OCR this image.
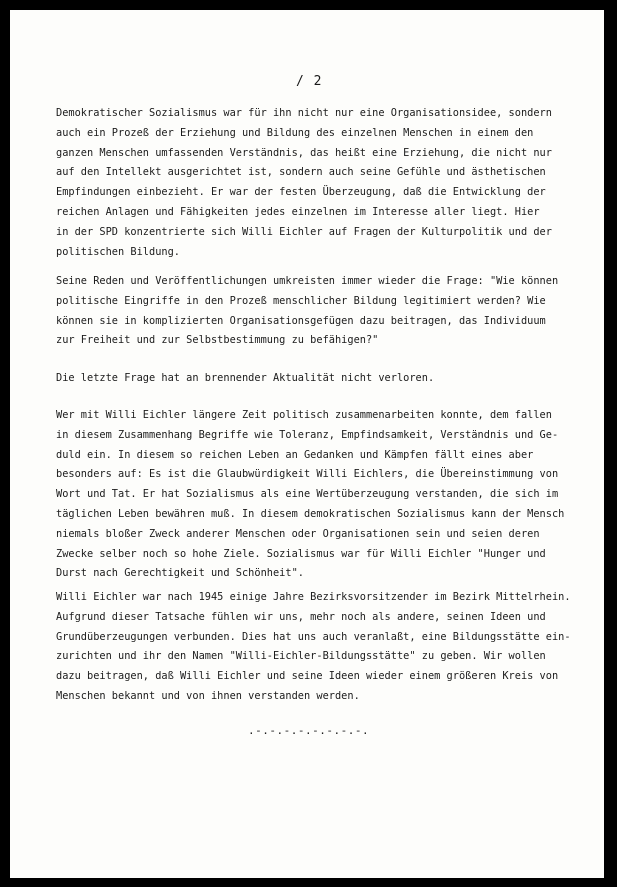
/ 2

Demokratischer Sozialismus war für ihn nicht nur eine Organisationsidee, sondern
auch ein Prozeß der Erziehung und Bildung des einzelnen Menschen in einem den
ganzen Menschen umfassenden Verständnis, das heißt eine Erziehung, die nicht nur
auf den Intellekt ausgerichtet ist, sondern auch seine Gefühle und ästhetischen
Empfindungen einbezieht. Er war der festen Überzeugung, daß die Entwicklung der
reichen Anlagen und Fähigkeiten jedes einzelnen im Interesse aller liegt. Hier
in der SPD konzentrierte sich Willi Eichler auf Fragen der Kulturpolitik und der
politischen Bildung.

Seine Reden und Veröffentlichungen umkreisten immer wieder die Frage: "Wie können
politische Eingriffe in den Prozeß menschlicher Bildung legitimiert werden? Wie
können sie in komplizierten Organisationsgefügen dazu beitragen, das Individuum
zur Freiheit und zur Selbstbestimmung zu befähigen?"

Die letzte Frage hat an brennender Aktualität nicht verloren.

Wer mit Willi Eichler längere Zeit politisch zusammenarbeiten konnte, dem fallen
in diesem Zusammenhang Begriffe wie Toleranz, Empfindsamkeit, Verständnis und Ge-
duld ein. In diesem so reichen Leben an Gedanken und Kämpfen fällt eines aber
besonders auf: Es ist die Glaubwürdigkeit Willi Eichlers, die Übereinstimmung von
Wort und Tat. Er hat Sozialismus als eine Wertüberzeugung verstanden, die sich im
täglichen Leben bewähren muß. In diesem demokratischen Sozialismus kann der Mensch
niemals bloßer Zweck anderer Menschen oder Organisationen sein und seien deren
Zwecke selber noch so hohe Ziele. Sozialismus war für Willi Eichler "Hunger und
Durst nach Gerechtigkeit und Schönheit".

Willi Eichler war nach 1945 einige Jahre Bezirksvorsitzender im Bezirk Mittelrhein.
Aufgrund dieser Tatsache fühlen wir uns, mehr noch als andere, seinen Ideen und
Grundüberzeugungen verbunden. Dies hat uns auch veranlaßt, eine Bildungsstätte ein-
zurichten und ihr den Namen "Willi-Eichler-Bildungsstätte" zu geben. Wir wollen
dazu beitragen, daß Willi Eichler und seine Ideen wieder einem größeren Kreis von
Menschen bekannt und von ihnen verstanden werden.

.-.-.-.-.-.-.-.-.
